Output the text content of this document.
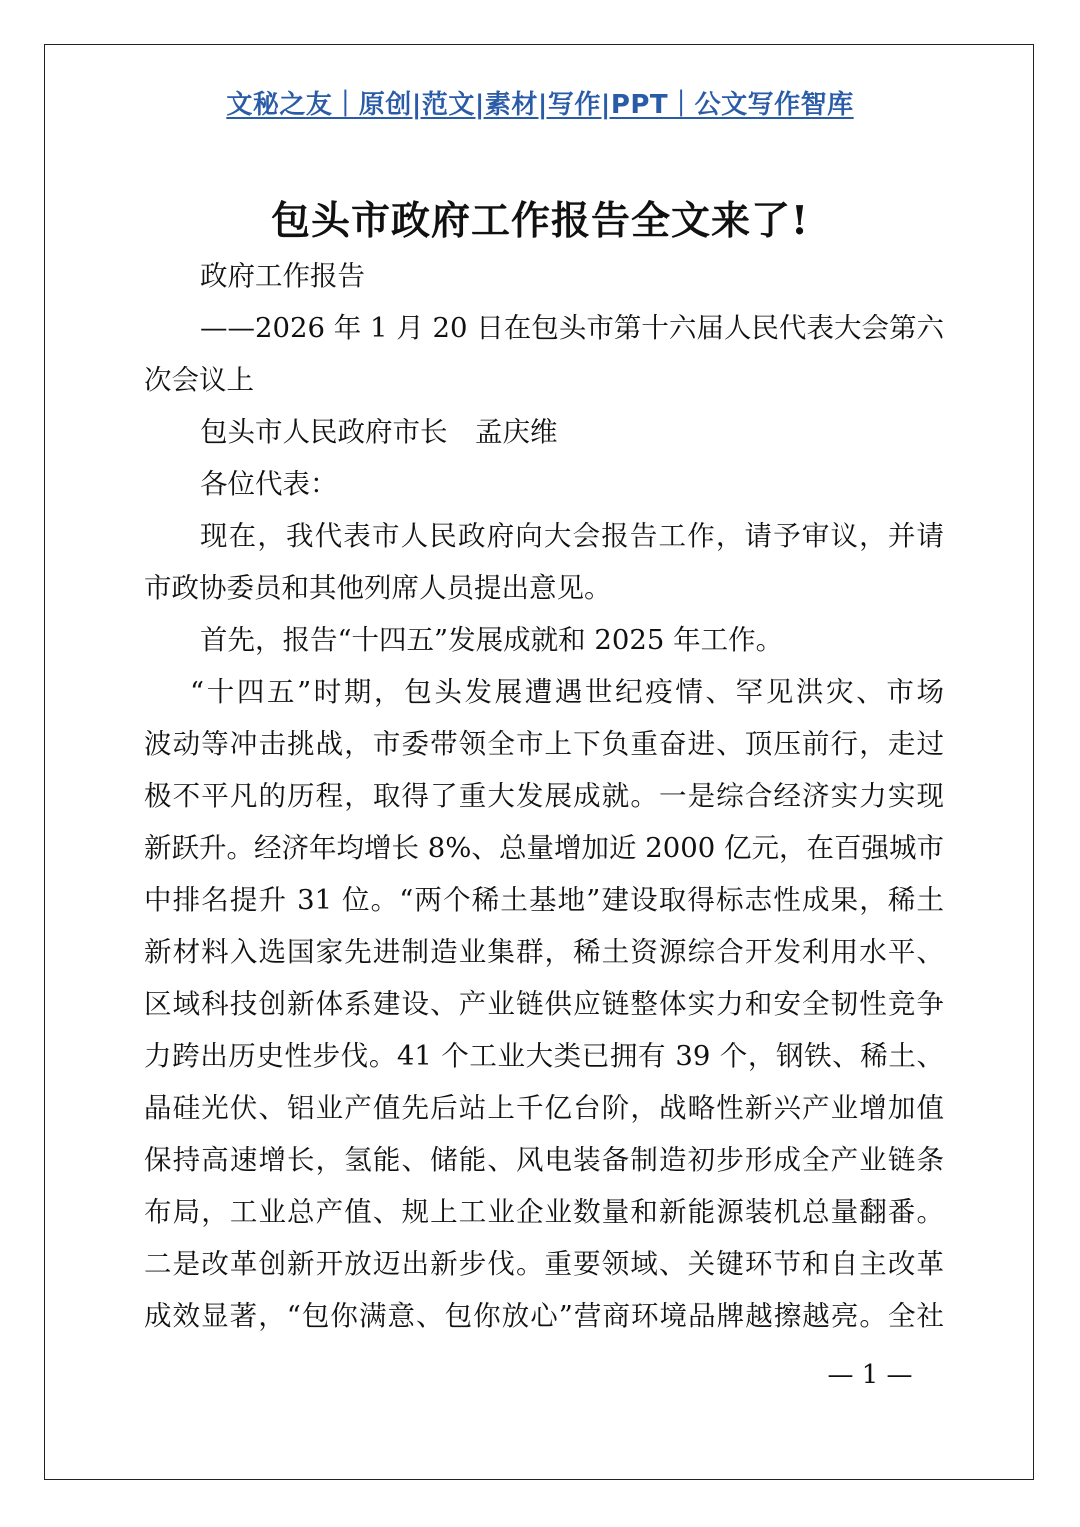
文秘之友｜原创|范文|素材|写作|PPT｜公文写作智库
包头市政府工作报告全文来了!
政府工作报告
——2026 年 1 月 20 日在包头市第十六届人民代表大会第六
次会议上
包头市人民政府市长　孟庆维
各位代表：
现在，我代表市人民政府向大会报告工作，请予审议，并请
市政协委员和其他列席人员提出意见。
首先，报告“十四五”发展成就和 2025 年工作。
“十四五”时期，包头发展遭遇世纪疫情、罕见洪灾、市场
波动等冲击挑战，市委带领全市上下负重奋进、顶压前行，走过
极不平凡的历程，取得了重大发展成就。一是综合经济实力实现
新跃升。经济年均增长 8%、总量增加近 2000 亿元，在百强城市
中排名提升 31 位。“两个稀土基地”建设取得标志性成果，稀土
新材料入选国家先进制造业集群，稀土资源综合开发利用水平、
区域科技创新体系建设、产业链供应链整体实力和安全韧性竞争
力跨出历史性步伐。41 个工业大类已拥有 39 个，钢铁、稀土、
晶硅光伏、铝业产值先后站上千亿台阶，战略性新兴产业增加值
保持高速增长，氢能、储能、风电装备制造初步形成全产业链条
布局，工业总产值、规上工业企业数量和新能源装机总量翻番。
二是改革创新开放迈出新步伐。重要领域、关键环节和自主改革
成效显著，“包你满意、包你放心”营商环境品牌越擦越亮。全社
— 1 —
